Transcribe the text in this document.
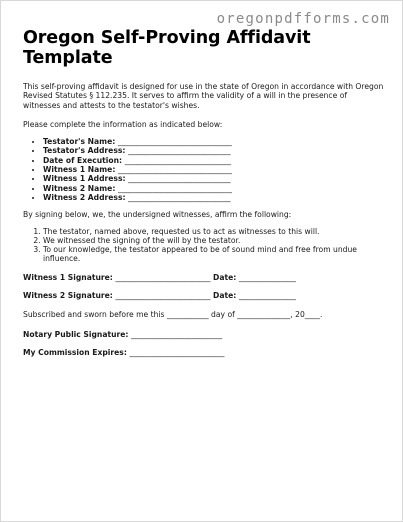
oregonpdfforms.com
Oregon Self-Proving Affidavit Template

This self-proving affidavit is designed for use in the state of Oregon in accordance with Oregon Revised Statutes § 112.235. It serves to affirm the validity of a will in the presence of witnesses and attests to the testator's wishes.

Please complete the information as indicated below:

• Testator's Name: ______________________________
• Testator's Address: ___________________________
• Date of Execution: ____________________________
• Witness 1 Name: ______________________________
• Witness 1 Address: ___________________________
• Witness 2 Name: ______________________________
• Witness 2 Address: ___________________________

By signing below, we, the undersigned witnesses, affirm the following:

1. The testator, named above, requested us to act as witnesses to this will.
2. We witnessed the signing of the will by the testator.
3. To our knowledge, the testator appeared to be of sound mind and free from undue influence.
Witness 1 Signature: _________________________ Date: _______________
Witness 2 Signature: _________________________ Date: _______________

Subscribed and sworn before me this ___________ day of ______________, 20____.

Notary Public Signature: ________________________
My Commission Expires: _________________________
